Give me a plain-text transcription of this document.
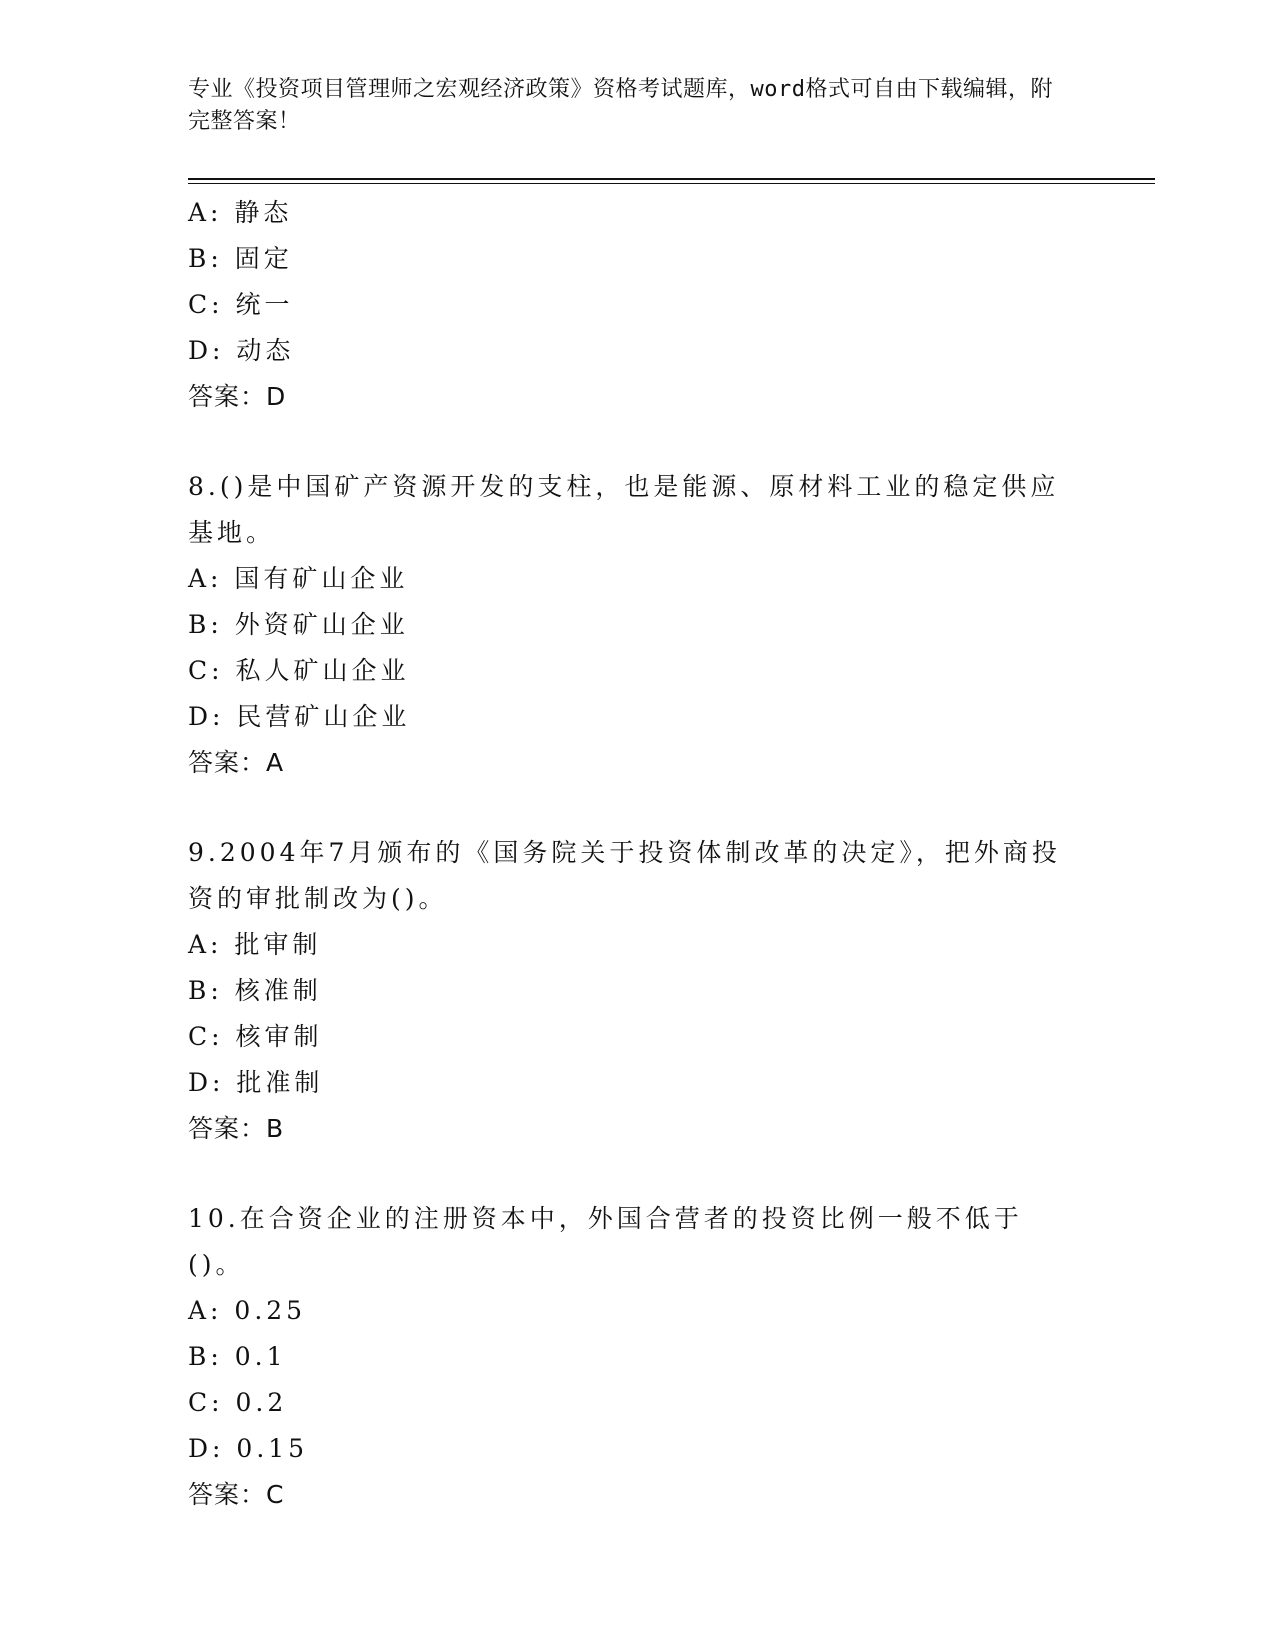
专业《投资项目管理师之宏观经济政策》资格考试题库，word格式可自由下载编辑，附完整答案！
A: 静态
B: 固定
C: 统一
D: 动态
答案：D
8.()是中国矿产资源开发的支柱，也是能源、原材料工业的稳定供应
基地。
A: 国有矿山企业
B: 外资矿山企业
C: 私人矿山企业
D: 民营矿山企业
答案：A
9.2004年7月颁布的《国务院关于投资体制改革的决定》，把外商投
资的审批制改为()。
A: 批审制
B: 核准制
C: 核审制
D: 批准制
答案：B
10.在合资企业的注册资本中，外国合营者的投资比例一般不低于()。
A: 0.25
B: 0.1
C: 0.2
D: 0.15
答案：C
